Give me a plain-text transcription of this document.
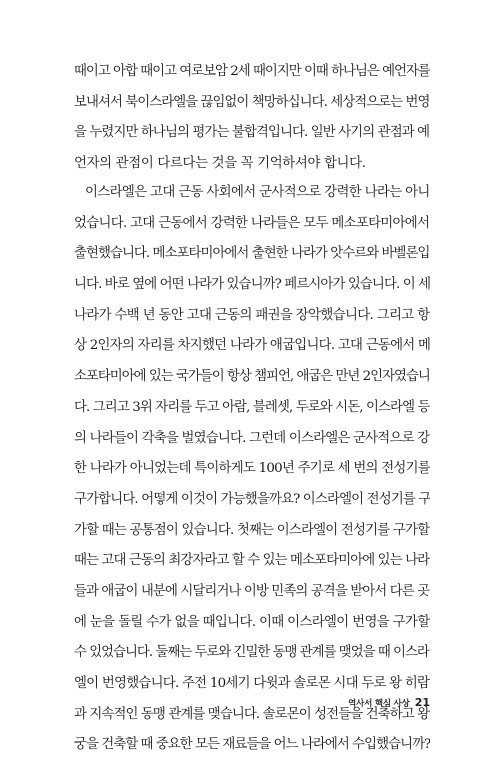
때이고 아합 때이고 여로보암 2세 때이지만 이때 하나님은 예언자를
보내셔서 북이스라엘을 끊임없이 책망하십니다. 세상적으로는 번영
을 누렸지만 하나님의 평가는 불합격입니다. 일반 사기의 관점과 예
언자의 관점이 다르다는 것을 꼭 기억하셔야 합니다.
이스라엘은 고대 근동 사회에서 군사적으로 강력한 나라는 아니
었습니다. 고대 근동에서 강력한 나라들은 모두 메소포타미아에서
출현했습니다. 메소포타미아에서 출현한 나라가 앗수르와 바벨론입
니다. 바로 옆에 어떤 나라가 있습니까? 페르시아가 있습니다. 이 세
나라가 수백 년 동안 고대 근동의 패권을 장악했습니다. 그리고 항
상 2인자의 자리를 차지했던 나라가 애굽입니다. 고대 근동에서 메
소포타미아에 있는 국가들이 항상 챔피언, 애굽은 만년 2인자였습니
다. 그리고 3위 자리를 두고 아람, 블레셋, 두로와 시돈, 이스라엘 등
의 나라들이 각축을 벌였습니다. 그런데 이스라엘은 군사적으로 강
한 나라가 아니었는데 특이하게도 100년 주기로 세 번의 전성기를
구가합니다. 어떻게 이것이 가능했을까요? 이스라엘이 전성기를 구
가할 때는 공통점이 있습니다. 첫째는 이스라엘이 전성기를 구가할
때는 고대 근동의 최강자라고 할 수 있는 메소포타미아에 있는 나라
들과 애굽이 내분에 시달리거나 이방 민족의 공격을 받아서 다른 곳
에 눈을 돌릴 수가 없을 때입니다. 이때 이스라엘이 번영을 구가할
수 있었습니다. 둘째는 두로와 긴밀한 동맹 관계를 맺었을 때 이스라
엘이 번영했습니다. 주전 10세기 다윗과 솔로몬 시대 두로 왕 히람
과 지속적인 동맹 관계를 맺습니다. 솔로몬이 성전들을 건축하고 왕
궁을 건축할 때 중요한 모든 재료들을 어느 나라에서 수입했습니까?
역사서 핵심 사상 21
